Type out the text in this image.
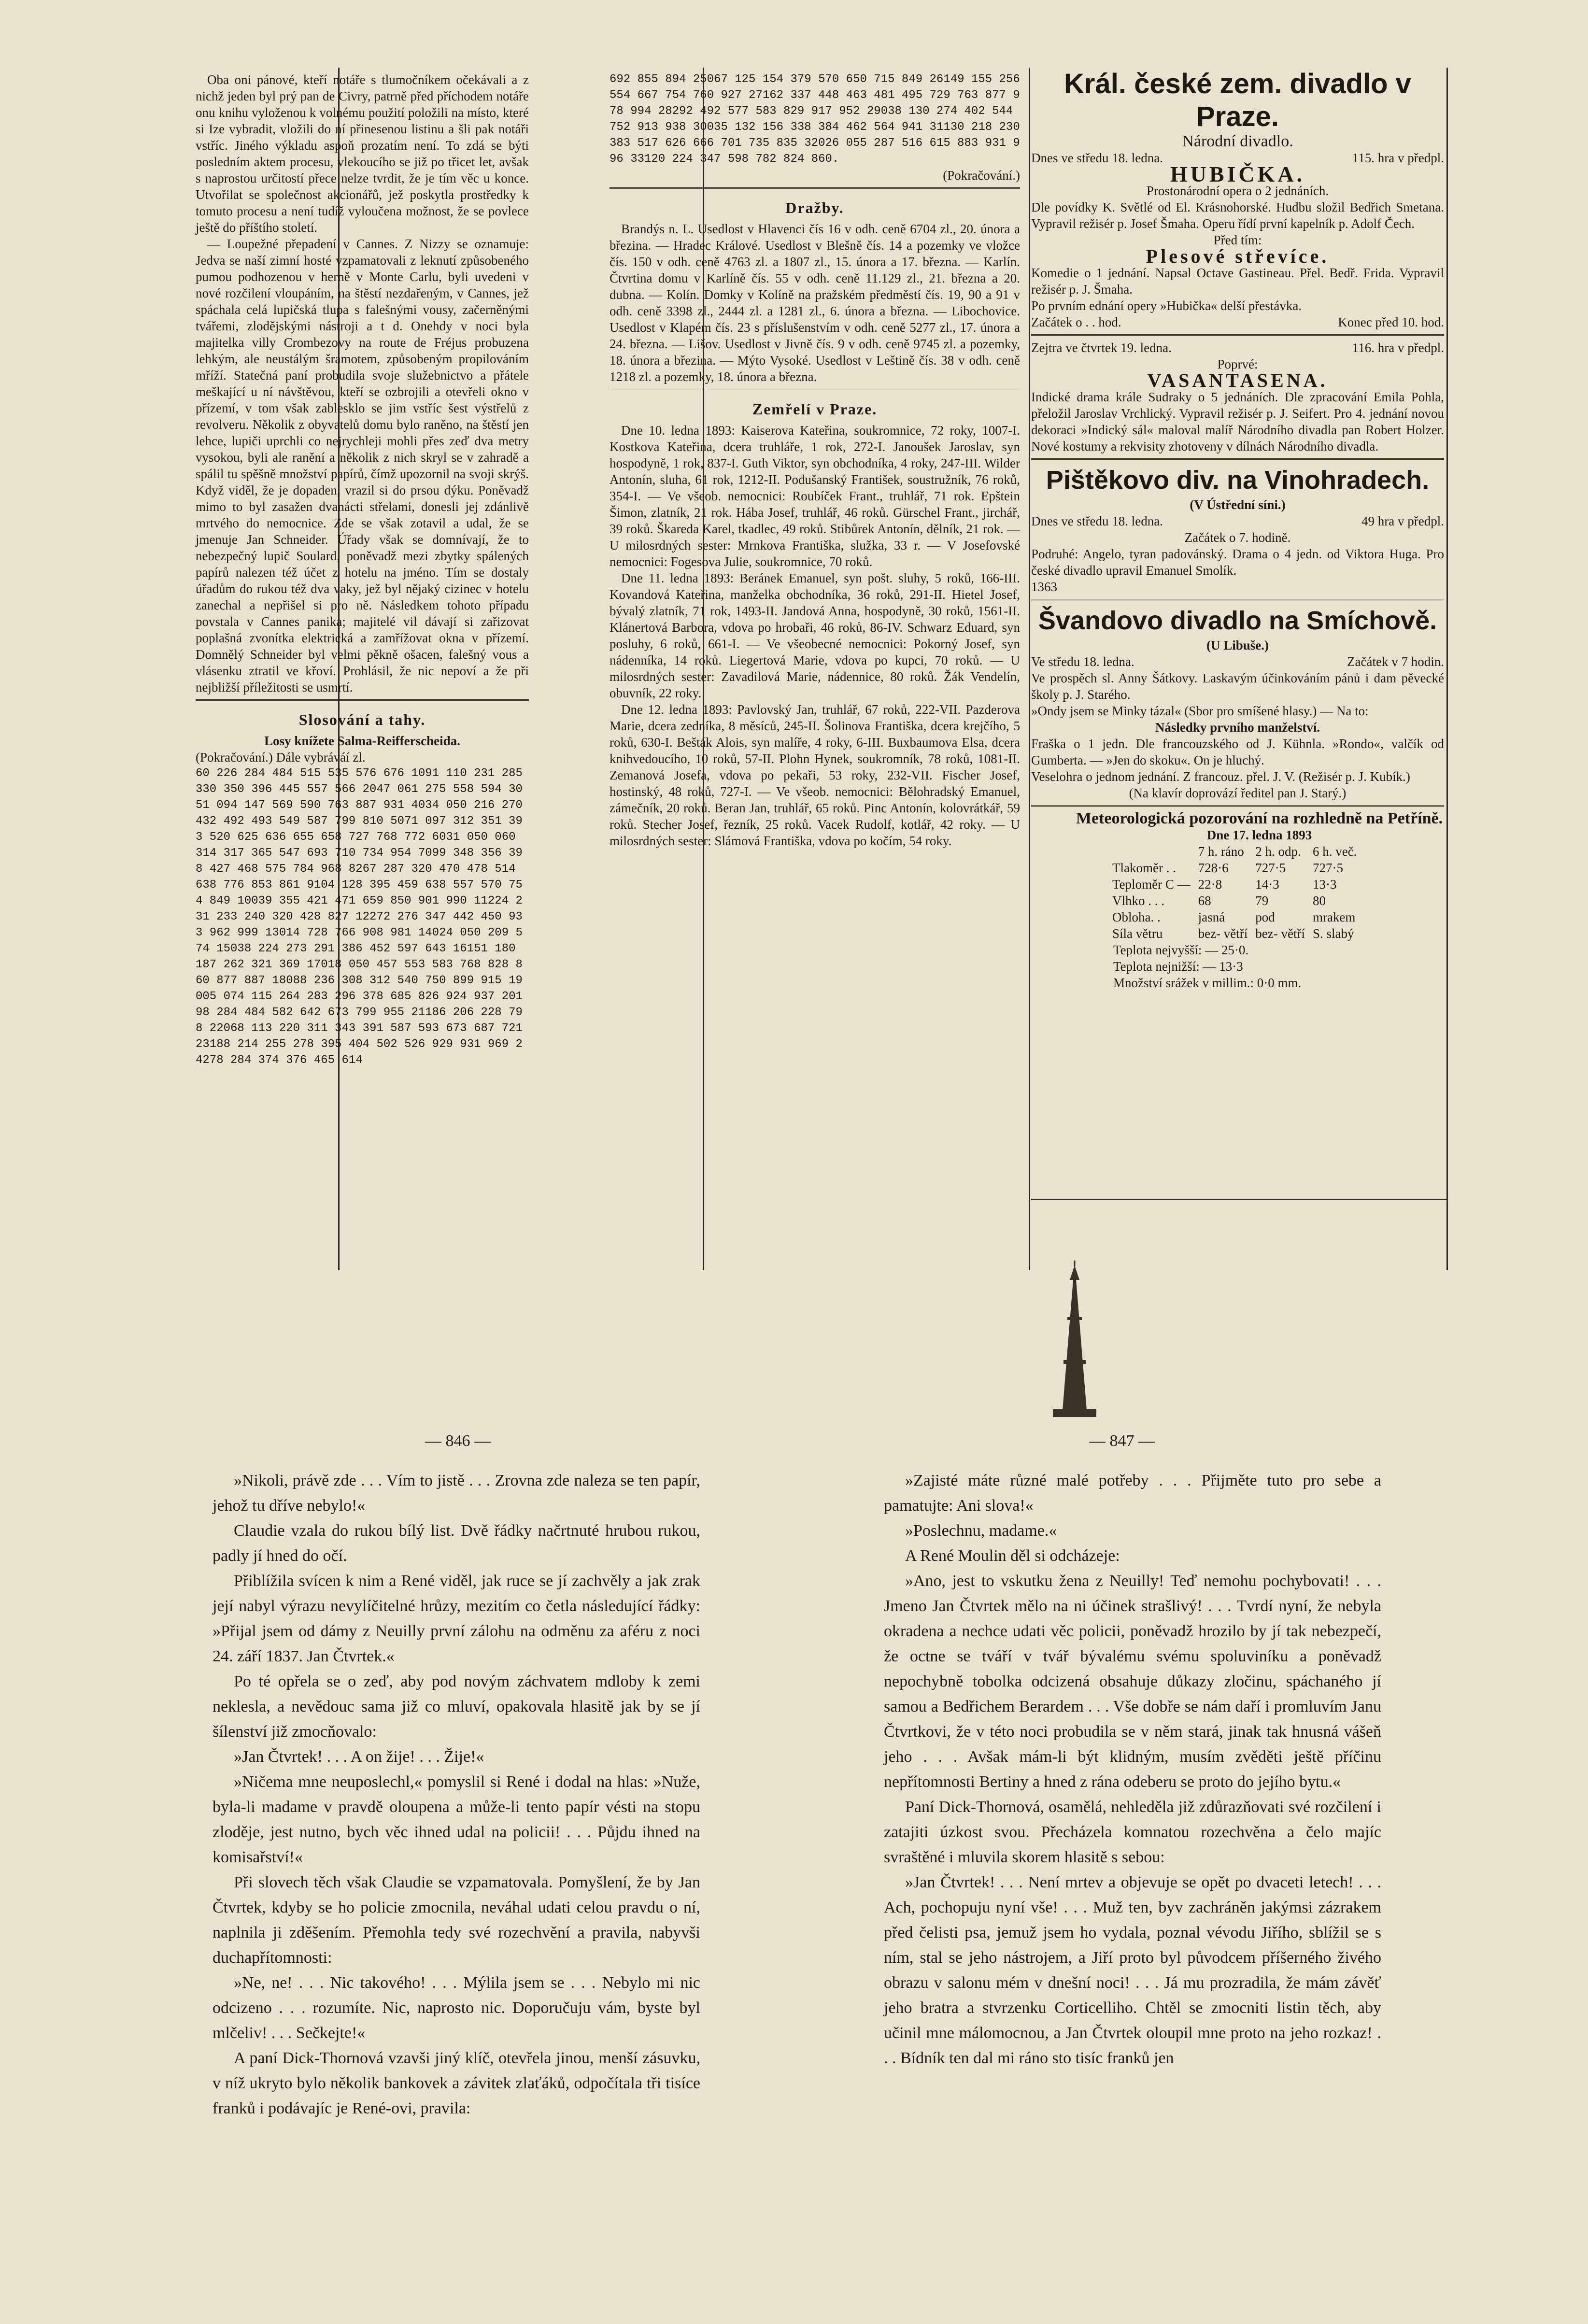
Oba oni pánové, kteří notáře s tlumočníkem očekávali a z nichž jeden byl prý pan de Civry, patrně před příchodem notáře onu knihu vyloženou k volnému použití položili na místo, které si Ize vybradit, vložili do ní přinesenou listinu a šli pak notáři vstříc. Jiného výkladu aspoň prozatím není. To zdá se býti posledním aktem procesu, vlekoucího se již po třicet let, avšak s naprostou určitostí přece nelze tvrdit, že je tím věc u konce. Utvořilat se společnost akcionářů, jež poskytla prostředky k tomuto procesu a není tudíž vyloučena možnost, že se povlece ještě do příštího století.

— Loupežné přepadení v Cannes. Z Nizzy se oznamuje: Jedva se naší zimní hosté vzpamatovali z leknutí způsobeného pumou podhozenou v herně v Monte Carlu, byli uvedeni v nové rozčilení vloupáním, na štěstí nezdařeným, v Cannes, jež spáchala celá lupičská tlupa s falešnými vousy, začerněnými tvářemi, zlodějskými nástroji a t d. Onehdy v noci byla majitelka villy Crombezovy na route de Fréjus probuzena lehkým, ale neustálým šramotem, způsobeným propilováním mříží. Statečná paní probudila svoje služebnictvo a přátele meškající u ní návštěvou, kteří se ozbrojili a otevřeli okno v přízemí, v tom však zablesklo se jim vstříc šest výstřelů z revolveru. Několik z obyvatelů domu bylo raněno, na štěstí jen lehce, lupiči uprchli co nejrychleji mohli přes zeď dva metry vysokou, byli ale ranění a několik z nich skryl se v zahradě a spálil tu spěšně množství papírů, čímž upozornil na svoji skrýš. Když viděl, že je dopaden, vrazil si do prsou dýku. Poněvadž mimo to byl zasažen dvanácti střelami, donesli jej zdánlivě mrtvého do nemocnice. Zde se však zotavil a udal, že se jmenuje Jan Schneider. Úřady však se domnívají, že to nebezpečný lupič Soulard, poněvadž mezi zbytky spálených papírů nalezen též účet z hotelu na jméno. Tím se dostaly úřadům do rukou též dva vaky, jež byl nějaký cizinec v hotelu zanechal a nepřišel si pro ně. Následkem tohoto případu povstala v Cannes panika; majitelé vil dávají si zařizovat poplašná zvonítka elektrická a zamřížovat okna v přízemí. Domnělý Schneider byl velmi pěkně ošacen, falešný vous a vlásenku ztratil ve křoví. Prohlásil, že nic nepoví a že při nejbližší příležitosti se usmrtí.

Slosování a tahy.
Losy knížete Salma-Reifferscheida.
(Pokračování.) Dále vybráváí zl.
60 226 284 484 515 535 576 676 1091 110 231 285 330 350 396 445 557 566 2047 061 275 558 594 3051 094 147 569 590 763 887 931 4034 050 216 270 432 492 493 549 587 799 810 5071 097 312 351 393 520 625 636 655 658 727 768 772 6031 050 060 314 317 365 547 693 710 734 954 7099 348 356 398 427 468 575 784 968 8267 287 320 470 478 514 638 776 853 861 9104 128 395 459 638 557 570 754 849 10039 355 421 471 659 850 901 990 11224 231 233 240 320 428 827 12272 276 347 442 450 933 962 999 13014 728 766 908 981 14024 050 209 574 15038 224 273 291 386 452 597 643 16151 180 187 262 321 369 17018 050 457 553 583 768 828 860 877 887 18088 236 308 312 540 750 899 915 19005 074 115 264 283 296 378 685 826 924 937 20198 284 484 582 642 673 799 955 21186 206 228 798 22068 113 220 311 343 391 587 593 673 687 721 23188 214 255 278 395 404 502 526 929 931 969 24278 284 374 376 465 614
692 855 894 25067 125 154 379 570 650 715 849 26149 155 256 554 667 754 760 927 27162 337 448 463 481 495 729 763 877 978 994 28292 492 577 583 829 917 952 29038 130 274 402 544 752 913 938 30035 132 156 338 384 462 564 941 31130 218 230 383 517 626 666 701 735 835 32026 055 287 516 615 883 931 996 33120 224 347 598 782 824 860.
(Pokračování.)
Dražby.

Brandýs n. L. Usedlost v Hlavenci čís 16 v odh. ceně 6704 zl., 20. února a březina. — Hradec Králové. Usedlost v Blešně čís. 14 a pozemky ve vložce čís. 150 v odh. ceně 4763 zl. a 1807 zl., 15. února a 17. března. — Karlín. Čtvrtina domu v Karlíně čís. 55 v odh. ceně 11.129 zl., 21. března a 20. dubna. — Kolín. Domky v Kolíně na pražském předměstí čís. 19, 90 a 91 v odh. ceně 3398 zl., 2444 zl. a 1281 zl., 6. února a března. — Libochovice. Usedlost v Klapém čís. 23 s příslušenstvím v odh. ceně 5277 zl., 17. února a 24. března. — Lišov. Usedlost v Jivně čís. 9 v odh. ceně 9745 zl. a pozemky, 18. února a březina. — Mýto Vysoké. Usedlost v Leštině čís. 38 v odh. ceně 1218 zl. a pozemky, 18. února a března.

Zemřelí v Praze.

Dne 10. ledna 1893: Kaiserova Kateřina, soukromnice, 72 roky, 1007-I. Kostkova Kateřina, dcera truhláře, 1 rok, 272-I. Janoušek Jaroslav, syn hospodyně, 1 rok, 837-I. Guth Viktor, syn obchodníka, 4 roky, 247-III. Wilder Antonín, sluha, 61 rok, 1212-II. Podušanský František, soustružník, 76 roků, 354-I. — Ve všeob. nemocnici: Roubíček Frant., truhlář, 71 rok. Epštein Šimon, zlatník, 21 rok. Hába Josef, truhlář, 46 roků. Gürschel Frant., jirchář, 39 roků. Škareda Karel, tkadlec, 49 roků. Stibůrek Antonín, dělník, 21 rok. — U milosrdných sester: Mrnkova Františka, služka, 33 r. — V Josefovské nemocnici: Fogesova Julie, soukromnice, 70 roků.

Dne 11. ledna 1893: Beránek Emanuel, syn pošt. sluhy, 5 roků, 166-III. Kovandová Kateřina, manželka obchodníka, 36 roků, 291-II. Hietel Josef, bývalý zlatník, 71 rok, 1493-II. Jandová Anna, hospodyně, 30 roků, 1561-II. Klánertová Barbora, vdova po hrobaři, 46 roků, 86-IV. Schwarz Eduard, syn posluhy, 6 roků, 661-I. — Ve všeobecné nemocnici: Pokorný Josef, syn nádenníka, 14 roků. Liegertová Marie, vdova po kupci, 70 roků. — U milosrdných sester: Zavadilová Marie, nádennice, 80 roků. Žák Vendelín, obuvník, 22 roky.

Dne 12. ledna 1893: Pavlovský Jan, truhlář, 67 roků, 222-VII. Pazderova Marie, dcera zedníka, 8 měsíců, 245-II. Šolinova Františka, dcera krejčího, 5 roků, 630-I. Bešták Alois, syn malíře, 4 roky, 6-III. Buxbaumova Elsa, dcera knihvedoucího, 10 roků, 57-II. Plohn Hynek, soukromník, 78 roků, 1081-II. Zemanová Josefa, vdova po pekaři, 53 roky, 232-VII. Fischer Josef, hostinský, 48 roků, 727-I. — Ve všeob. nemocnici: Bělohradský Emanuel, zámečník, 20 roků. Beran Jan, truhlář, 65 roků. Pinc Antonín, kolovrátkář, 59 roků. Stecher Josef, řezník, 25 roků. Vacek Rudolf, kotlář, 42 roky. — U milosrdných sester: Slámová Františka, vdova po kočím, 54 roky.

Král. české zem. divadlo v Praze.
Národní divadlo.
Dnes ve středu 18. ledna.	115. hra v předpl.
HUBIČKA.
Prostonárodní opera o 2 jednáních.

Dle povídky K. Světlé od El. Krásnohorské. Hudbu složil Bedřich Smetana. Vypravil režisér p. Josef Šmaha. Operu řídí první kapelník p. Adolf Čech.

Před tím:
Plesové střevíce.

Komedie o 1 jednání. Napsal Octave Gastineau. Přel. Bedř. Frida. Vypravil režisér p. J. Šmaha.

Po prvním ednání opery »Hubička« delší přestávka.

Začátek o . . hod.	Konec před 10. hod.
Zejtra ve čtvrtek 19. ledna.	116. hra v předpl.
Poprvé:
VASANTASENA.

Indické drama krále Sudraky o 5 jednáních. Dle zpracování Emila Pohla, přeložil Jaroslav Vrchlický. Vypravil režisér p. J. Seifert. Pro 4. jednání novou dekoraci »Indický sál« maloval malíř Národního divadla pan Robert Holzer. Nové kostumy a rekvisity zhotoveny v dílnách Národního divadla.

Pištěkovo div. na Vinohradech.
(V Ústřední síni.)
Dnes ve středu 18. ledna.	49 hra v předpl.
Začátek o 7. hodině.

Podruhé: Angelo, tyran padovánský. Drama o 4 jedn. od Viktora Huga. Pro české divadlo upravil Emanuel Smolík.

1363
Švandovo divadlo na Smíchově.
(U Libuše.)
Ve středu 18. ledna.	Začátek v 7 hodin.

Ve prospěch sl. Anny Šátkovy. Laskavým účinkováním pánů i dam pěvecké školy p. J. Starého.

»Ondy jsem se Minky tázal« (Sbor pro smíšené hlasy.) — Na to:

Následky prvního manželství.

Fraška o 1 jedn. Dle francouzského od J. Kühnla. »Rondo«, valčík od Gumberta. — »Jen do skoku«. On je hluchý.

Veselohra o jednom jednání. Z francouz. přel. J. V. (Režisér p. J. Kubík.)

(Na klavír doprovází ředitel pan J. Starý.)
Meteorologická pozorování na rozhledně na Petříně.
Dne 17. ledna 1893
	7 h. ráno	2 h. odp.	6 h. več.
Tlakoměr . .	728·6	727·5	727·5
Teploměr C —	22·8	14·3	13·3
Vlhko . . .	68	79	80
Obloha. .	jasná	pod	mrakem
Síla větru	bez- větří	bez- větří	S. slabý
Teplota nejvyšší: — 25·0.
Teplota nejnižší: — 13·3
Množství srážek v millim.: 0·0 mm.
— 846 —	— 847 —

»Nikoli, právě zde . . . Vím to jistě . . . Zrovna zde naleza se ten papír, jehož tu dříve nebylo!«

Claudie vzala do rukou bílý list. Dvě řádky načrtnuté hrubou rukou, padly jí hned do očí.

Přiblížila svícen k nim a René viděl, jak ruce se jí zachvěly a jak zrak její nabyl výrazu nevylíčitelné hrůzy, mezitím co četla následující řádky: »Přijal jsem od dámy z Neuilly první zálohu na odměnu za aféru z noci 24. září 1837. Jan Čtvrtek.«

Po té opřela se o zeď, aby pod novým záchvatem mdloby k zemi neklesla, a nevědouc sama již co mluví, opakovala hlasitě jak by se jí šílenství již zmocňovalo:

»Jan Čtvrtek! . . . A on žije! . . . Žije!«

»Ničema mne neuposlechl,« pomyslil si René i dodal na hlas: »Nuže, byla-li madame v pravdě oloupena a může-li tento papír vésti na stopu zloděje, jest nutno, bych věc ihned udal na policii! . . . Půjdu ihned na komisařství!«

Při slovech těch však Claudie se vzpamatovala. Pomyšlení, že by Jan Čtvrtek, kdyby se ho policie zmocnila, neváhal udati celou pravdu o ní, naplnila ji zděšením. Přemohla tedy své rozechvění a pravila, nabyvši duchapřítomnosti:

»Ne, ne! . . . Nic takového! . . . Mýlila jsem se . . . Nebylo mi nic odcizeno . . . rozumíte. Nic, naprosto nic. Doporučuju vám, byste byl mlčeliv! . . . Sečkejte!«

A paní Dick-Thornová vzavši jiný klíč, otevřela jinou, menší zásuvku, v níž ukryto bylo několik bankovek a závitek zlaťáků, odpočítala tři tisíce franků i podávajíc je René-ovi, pravila:

»Zajisté máte různé malé potřeby . . . Přijměte tuto pro sebe a pamatujte: Ani slova!«

»Poslechnu, madame.«

A René Moulin děl si odcházeje:

»Ano, jest to vskutku žena z Neuilly! Teď nemohu pochybovati! . . . Jmeno Jan Čtvrtek mělo na ni účinek strašlivý! . . . Tvrdí nyní, že nebyla okradena a nechce udati věc policii, poněvadž hrozilo by jí tak nebezpečí, že octne se tváří v tvář bývalému svému spoluviníku a poněvadž nepochybně tobolka odcizená obsahuje důkazy zločinu, spáchaného jí samou a Bedřichem Berardem . . . Vše dobře se nám daří i promluvím Janu Čtvrtkovi, že v této noci probudila se v něm stará, jinak tak hnusná vášeň jeho . . . Avšak mám-li být klidným, musím zvěděti ještě příčinu nepřítomnosti Bertiny a hned z rána odeberu se proto do jejího bytu.«

Paní Dick-Thornová, osamělá, nehleděla již zdůrazňovati své rozčilení i zatajiti úzkost svou. Přecházela komnatou rozechvěna a čelo majíc svraštěné i mluvila skorem hlasitě s sebou:

»Jan Čtvrtek! . . . Není mrtev a objevuje se opět po dvaceti letech! . . . Ach, pochopuju nyní vše! . . . Muž ten, byv zachráněn jakýmsi zázrakem před čelisti psa, jemuž jsem ho vydala, poznal vévodu Jiřího, sblížil se s ním, stal se jeho nástrojem, a Jiří proto byl původcem příšerného živého obrazu v salonu mém v dnešní noci! . . . Já mu prozradila, že mám závěť jeho bratra a stvrzenku Corticelliho. Chtěl se zmocniti listin těch, aby učinil mne málomocnou, a Jan Čtvrtek oloupil mne proto na jeho rozkaz! . . . Bídník ten dal mi ráno sto tisíc franků jen
